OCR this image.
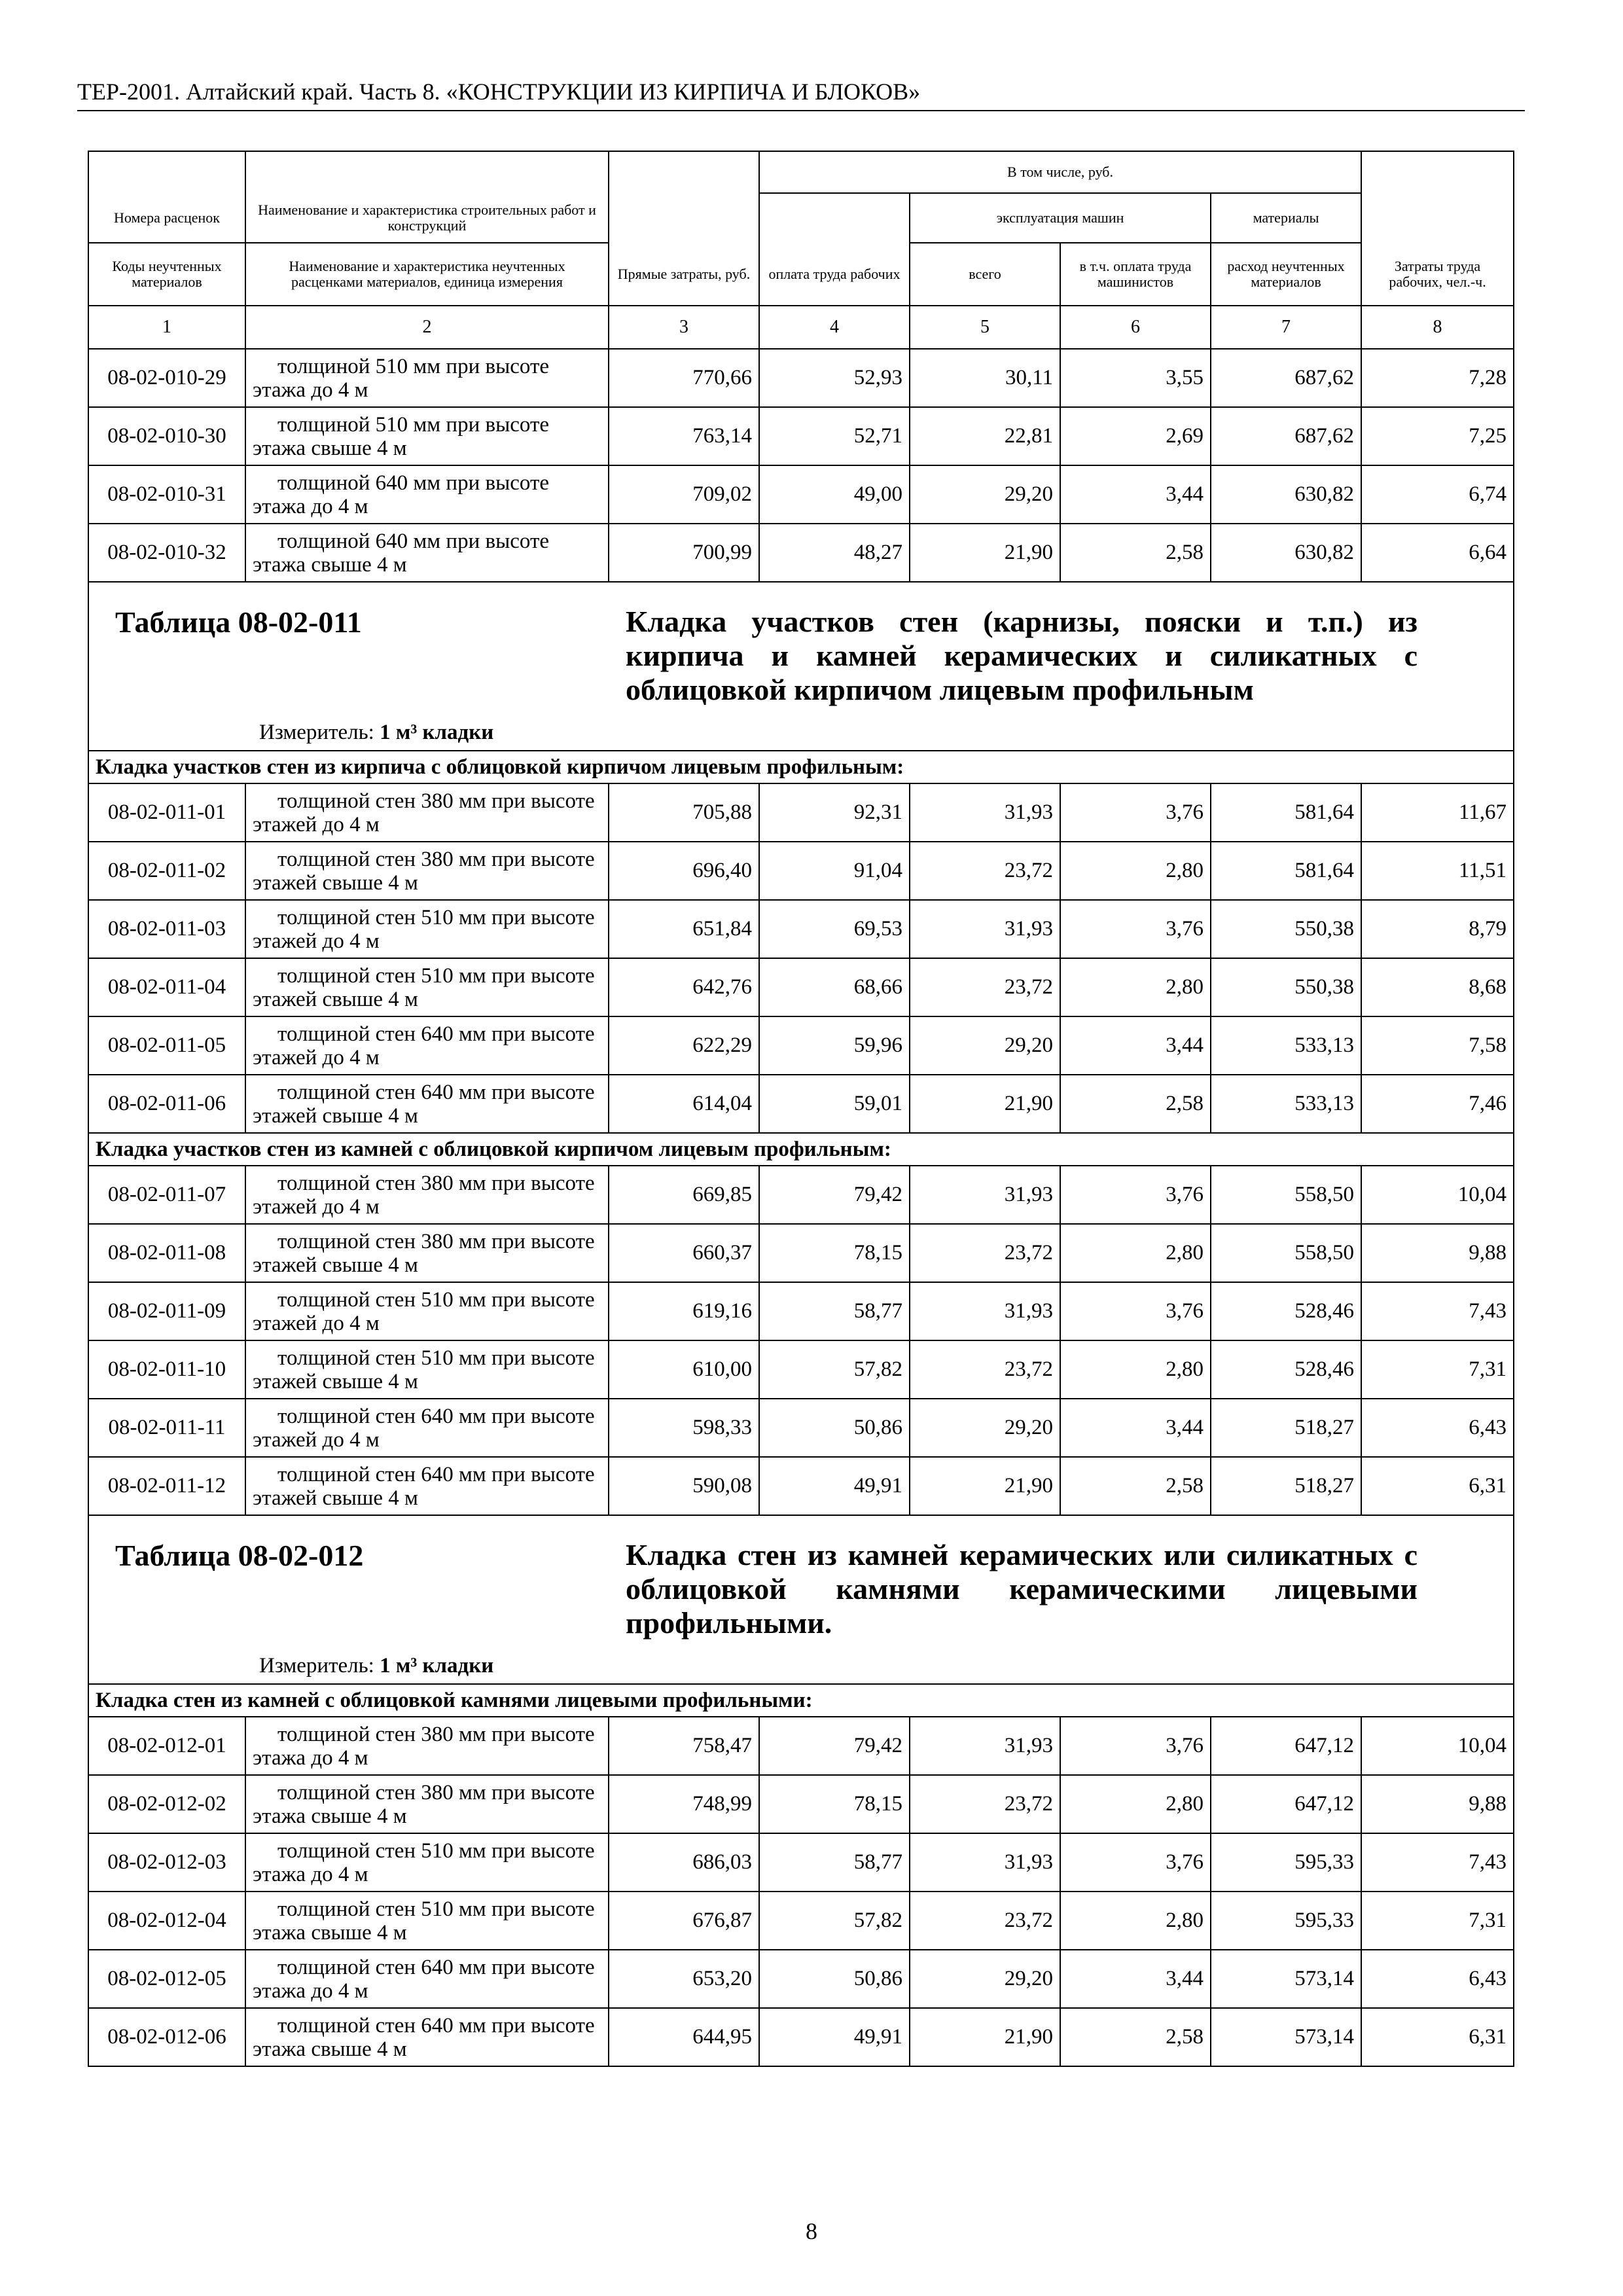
ТЕР-2001. Алтайский край. Часть 8. «КОНСТРУКЦИИ ИЗ КИРПИЧА И БЛОКОВ»
			В том числе, руб.				
Номера расценок	Наименование и характеристика строительных работ и конструкций			эксплуатация машин		материалы	
Коды неучтенных материалов	Наименование и характеристика неучтенных расценками материалов, единица измерения	Прямые затраты, руб.	оплата труда рабочих	всего	в т.ч. оплата труда машинистов	расход неучтенных материалов	Затраты труда рабочих, чел.-ч.
1	2	3	4	5	6	7	8
08-02-010-29	толщиной 510 мм при высоте этажа до 4 м	770,66	52,93	30,11	3,55	687,62	7,28
08-02-010-30	толщиной 510 мм при высоте этажа свыше 4 м	763,14	52,71	22,81	2,69	687,62	7,25
08-02-010-31	толщиной 640 мм при высоте этажа до 4 м	709,02	49,00	29,20	3,44	630,82	6,74
08-02-010-32	толщиной 640 мм при высоте этажа свыше 4 м	700,99	48,27	21,90	2,58	630,82	6,64

Таблица 08-02-011 Кладка участков стен (карнизы, пояски и т.п.) из кирпича и камней керамических и силикатных с облицовкой кирпичом лицевым профильным
Измеритель: 1 м³ кладки							

Кладка участков стен из кирпича с облицовкой кирпичом лицевым профильным:							
08-02-011-01	толщиной стен 380 мм при высоте этажей до 4 м	705,88	92,31	31,93	3,76	581,64	11,67
08-02-011-02	толщиной стен 380 мм при высоте этажей свыше 4 м	696,40	91,04	23,72	2,80	581,64	11,51
08-02-011-03	толщиной стен 510 мм при высоте этажей до 4 м	651,84	69,53	31,93	3,76	550,38	8,79
08-02-011-04	толщиной стен 510 мм при высоте этажей свыше 4 м	642,76	68,66	23,72	2,80	550,38	8,68
08-02-011-05	толщиной стен 640 мм при высоте этажей до 4 м	622,29	59,96	29,20	3,44	533,13	7,58
08-02-011-06	толщиной стен 640 мм при высоте этажей свыше 4 м	614,04	59,01	21,90	2,58	533,13	7,46
Кладка участков стен из камней с облицовкой кирпичом лицевым профильным:							
08-02-011-07	толщиной стен 380 мм при высоте этажей до 4 м	669,85	79,42	31,93	3,76	558,50	10,04
08-02-011-08	толщиной стен 380 мм при высоте этажей свыше 4 м	660,37	78,15	23,72	2,80	558,50	9,88
08-02-011-09	толщиной стен 510 мм при высоте этажей до 4 м	619,16	58,77	31,93	3,76	528,46	7,43
08-02-011-10	толщиной стен 510 мм при высоте этажей свыше 4 м	610,00	57,82	23,72	2,80	528,46	7,31
08-02-011-11	толщиной стен 640 мм при высоте этажей до 4 м	598,33	50,86	29,20	3,44	518,27	6,43
08-02-011-12	толщиной стен 640 мм при высоте этажей свыше 4 м	590,08	49,91	21,90	2,58	518,27	6,31

Таблица 08-02-012 Кладка стен из камней керамических или силикатных с облицовкой камнями керамическими лицевыми профильными.
Измеритель: 1 м³ кладки							

Кладка стен из камней с облицовкой камнями лицевыми профильными:							
08-02-012-01	толщиной стен 380 мм при высоте этажа до 4 м	758,47	79,42	31,93	3,76	647,12	10,04
08-02-012-02	толщиной стен 380 мм при высоте этажа свыше 4 м	748,99	78,15	23,72	2,80	647,12	9,88
08-02-012-03	толщиной стен 510 мм при высоте этажа до 4 м	686,03	58,77	31,93	3,76	595,33	7,43
08-02-012-04	толщиной стен 510 мм при высоте этажа свыше 4 м	676,87	57,82	23,72	2,80	595,33	7,31
08-02-012-05	толщиной стен 640 мм при высоте этажа до 4 м	653,20	50,86	29,20	3,44	573,14	6,43
08-02-012-06	толщиной стен 640 мм при высоте этажа свыше 4 м	644,95	49,91	21,90	2,58	573,14	6,31
8
